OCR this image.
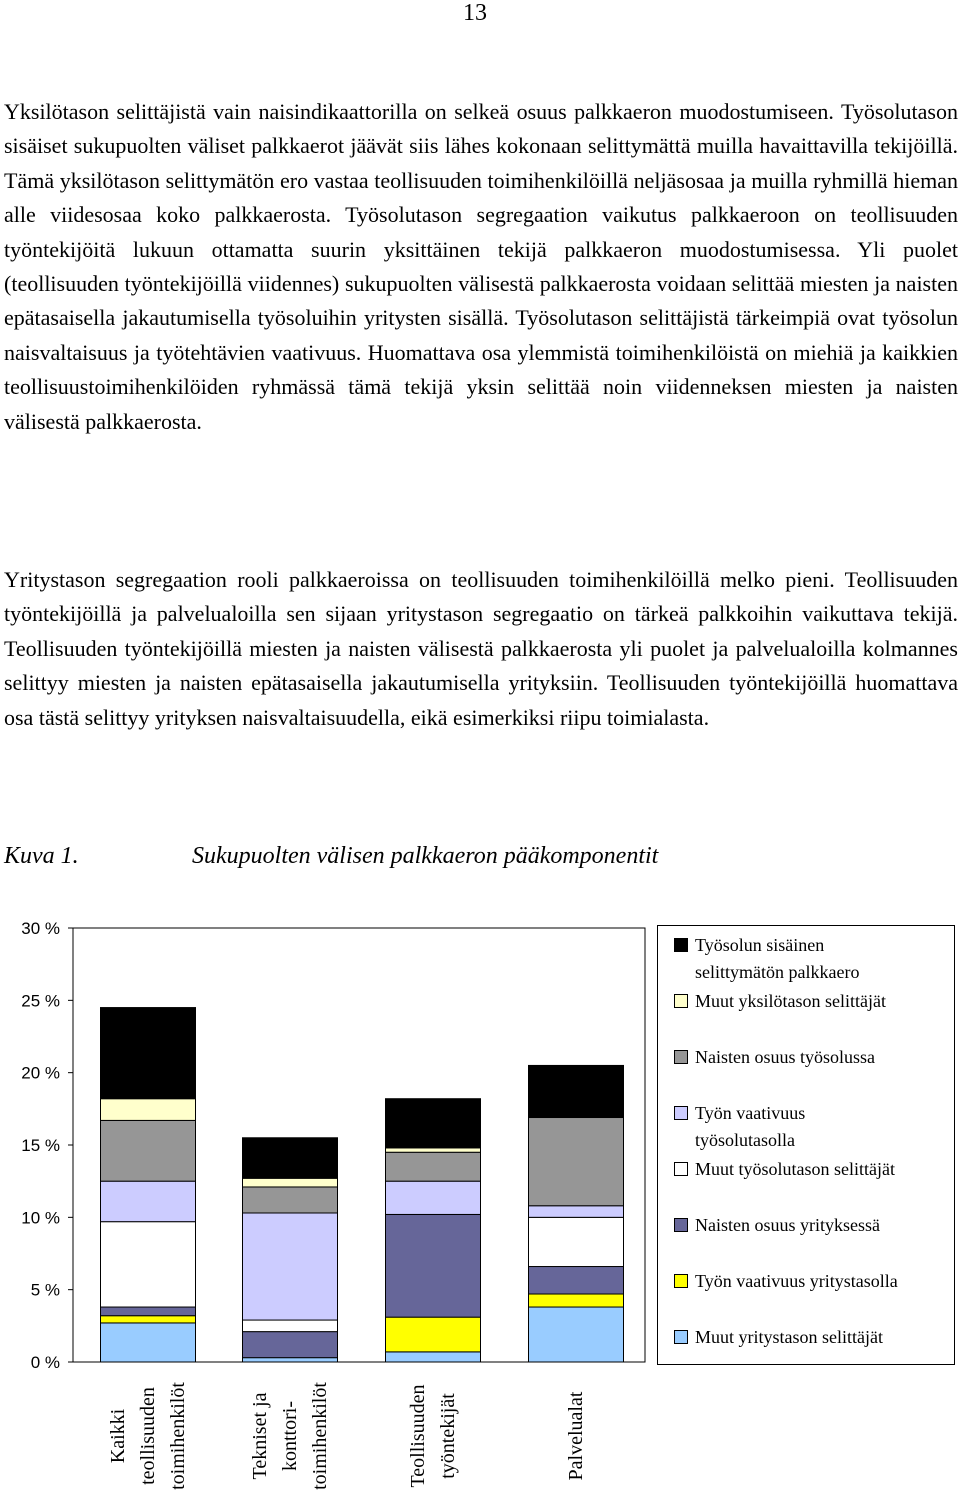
13

Yksilötason selittäjistä vain naisindikaattorilla on selkeä osuus palkkaeron muodostumiseen. Työsolutason sisäiset sukupuolten väliset palkkaerot jäävät siis lähes kokonaan selittymättä muilla havaittavilla tekijöillä. Tämä yksilötason selittymätön ero vastaa teollisuuden toimihenkilöillä neljäsosaa ja muilla ryhmillä hieman alle viidesosaa koko palkkaerosta. Työsolutason segregaation vaikutus palkkaeroon on teollisuuden työntekijöitä lukuun ottamatta suurin yksittäinen tekijä palkkaeron muodostumisessa. Yli puolet (teollisuuden työntekijöillä viidennes) sukupuolten välisestä palkkaerosta voidaan selittää miesten ja naisten epätasaisella jakautumisella työsoluihin yritysten sisällä. Työsolutason selittäjistä tärkeimpiä ovat työsolun naisvaltaisuus ja työtehtävien vaativuus. Huomattava osa ylemmistä toimihenkilöistä on miehiä ja kaikkien teollisuustoimihenkilöiden ryhmässä tämä tekijä yksin selittää noin viidenneksen miesten ja naisten välisestä palkkaerosta.

Yritystason segregaation rooli palkkaeroissa on teollisuuden toimihenkilöillä melko pieni. Teollisuuden työntekijöillä ja palvelualoilla sen sijaan yritystason segregaatio on tärkeä palkkoihin vaikuttava tekijä. Teollisuuden työntekijöillä miesten ja naisten välisestä palkkaerosta yli puolet ja palvelualoilla kolmannes selittyy miesten ja naisten epätasaisella jakautumisella yrityksiin. Teollisuuden työntekijöillä huomattava osa tästä selittyy yrityksen naisvaltaisuudella, eikä esimerkiksi riipu toimialasta.

Kuva 1.	Sukupuolten välisen palkkaeron pääkomponentit
0 %
5 %
10 %
15 %
20 %
25 %
30 %
Kaikki teollisuuden toimihenkilöt	Tekniset ja konttori-toimihenkilöt	Teollisuuden työntekijät	Palvelualat
Työsolun sisäinen selittymätön palkkaero
Muut yksilötason selittäjät
Naisten osuus työsolussa
Työn vaativuus työsolutasolla
Muut työsolutason selittäjät
Naisten osuus yrityksessä
Työn vaativuus yritystasolla
Muut yritystason selittäjät
